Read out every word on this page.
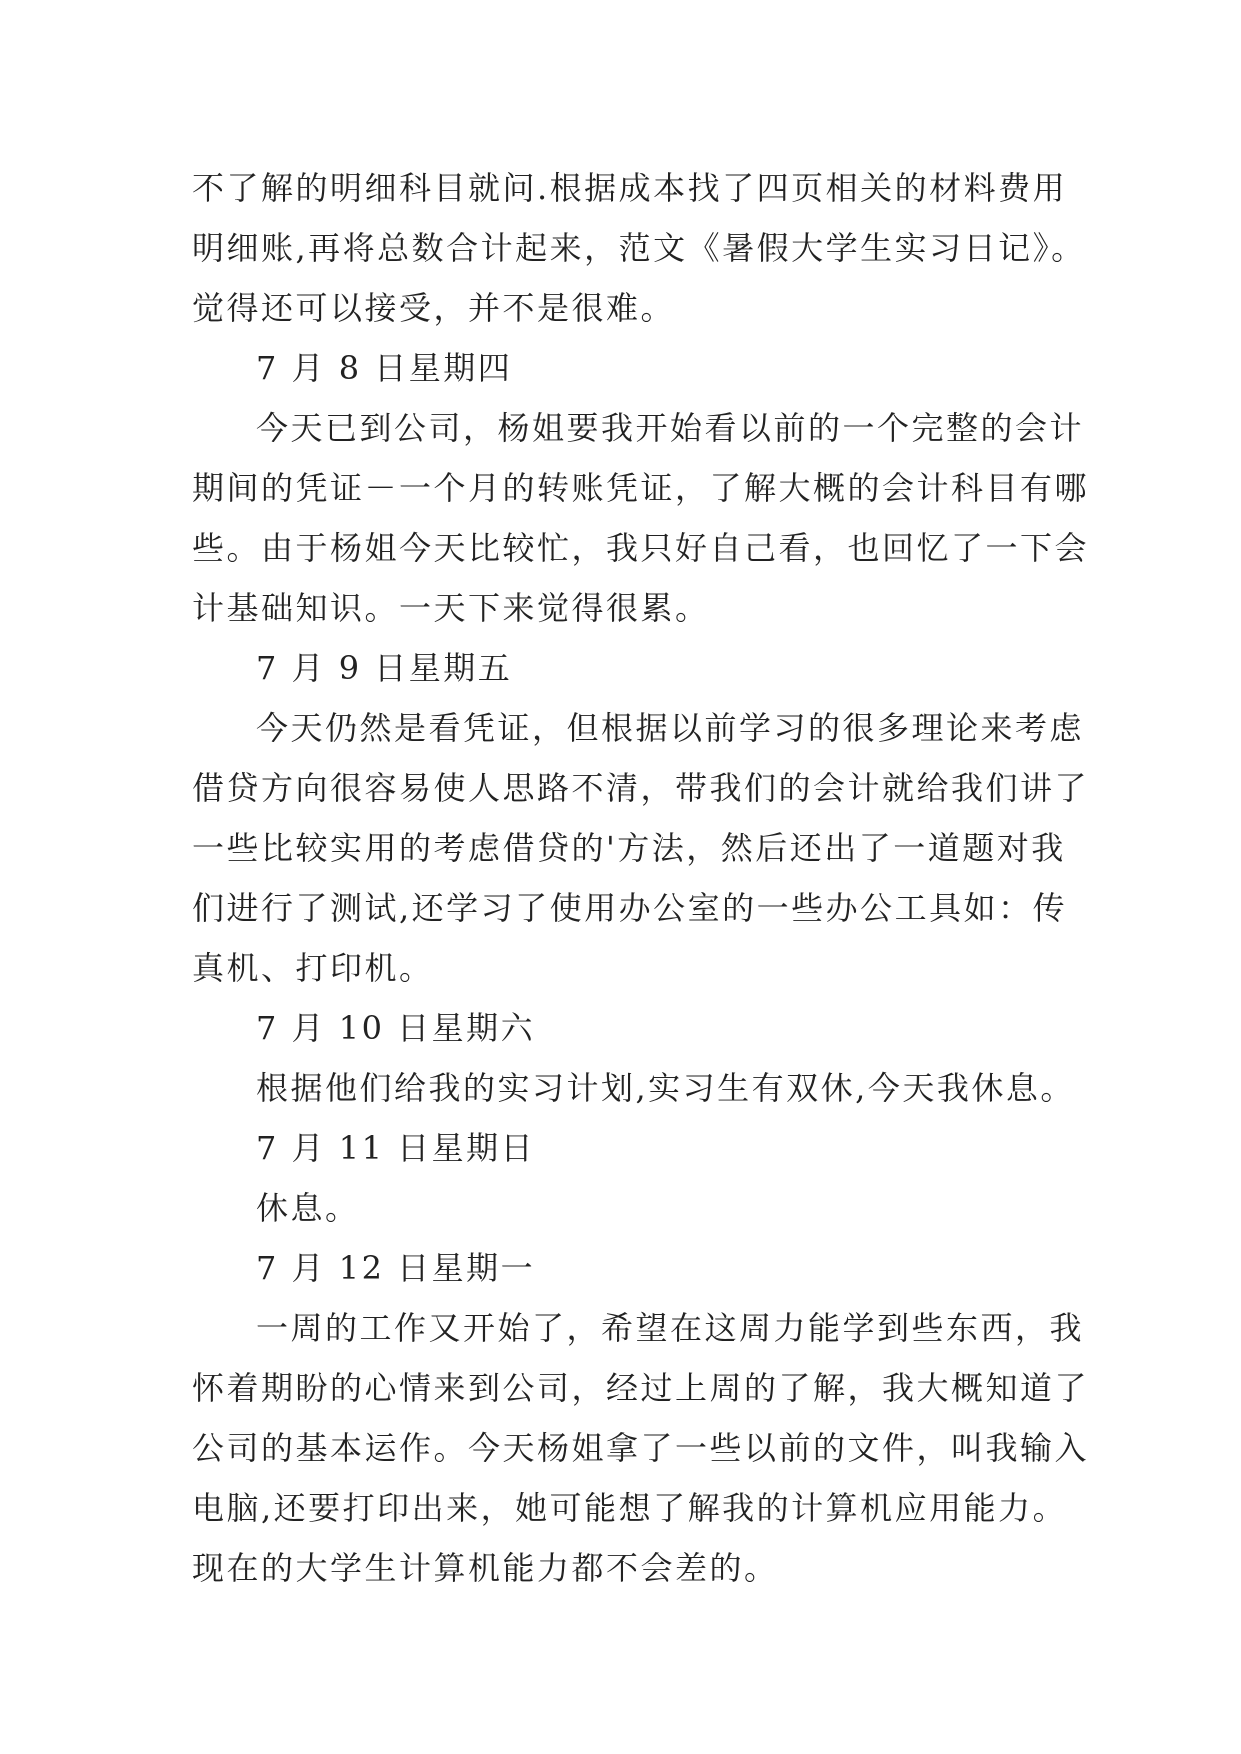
不了解的明细科目就问.根据成本找了四页相关的材料费用
明细账,再将总数合计起来，范文《暑假大学生实习日记》。
觉得还可以接受，并不是很难。
7 月 8 日星期四
今天已到公司，杨姐要我开始看以前的一个完整的会计
期间的凭证－一个月的转账凭证，了解大概的会计科目有哪
些。由于杨姐今天比较忙，我只好自己看，也回忆了一下会
计基础知识。一天下来觉得很累。
7 月 9 日星期五
今天仍然是看凭证，但根据以前学习的很多理论来考虑
借贷方向很容易使人思路不清，带我们的会计就给我们讲了
一些比较实用的考虑借贷的'方法，然后还出了一道题对我
们进行了测试,还学习了使用办公室的一些办公工具如：传
真机、打印机。
7 月 10 日星期六
根据他们给我的实习计划,实习生有双休,今天我休息。
7 月 11 日星期日
休息。
7 月 12 日星期一
一周的工作又开始了，希望在这周力能学到些东西，我
怀着期盼的心情来到公司，经过上周的了解，我大概知道了
公司的基本运作。今天杨姐拿了一些以前的文件，叫我输入
电脑,还要打印出来，她可能想了解我的计算机应用能力。
现在的大学生计算机能力都不会差的。
